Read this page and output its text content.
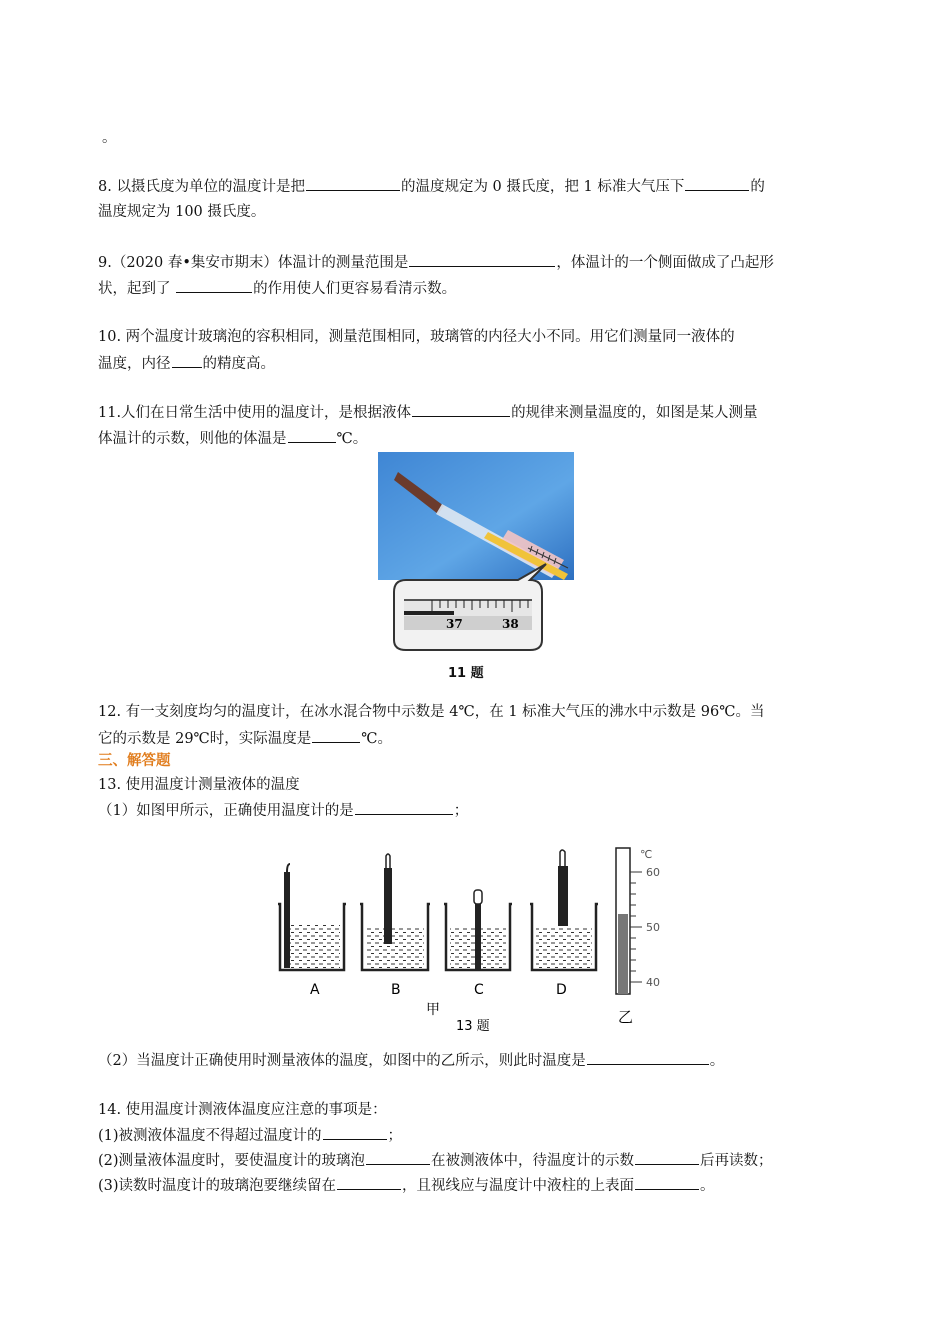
。
8. 以摄氏度为单位的温度计是把	的温度规定为 0 摄氏度，把 1 标准大气压下	的
温度规定为 100 摄氏度。
9.（2020 春•集安市期末）体温计的测量范围是	，体温计的一个侧面做成了凸起形
状，起到了	的作用使人们更容易看清示数。
10. 两个温度计玻璃泡的容积相同，测量范围相同，玻璃管的内径大小不同。用它们测量同一液体的
温度，内径 的精度高。
11.人们在日常生活中使用的温度计，是根据液体	的规律来测量温度的，如图是某人测量
体温计的示数，则他的体温是	℃。
37	38
11 题
12. 有一支刻度均匀的温度计，在冰水混合物中示数是 4℃，在 1 标准大气压的沸水中示数是 96℃。当
它的示数是 29℃时，实际温度是	℃。
三、解答题
13. 使用温度计测量液体的温度
（1）如图甲所示，正确使用温度计的是	；
A	B	C	D
甲
℃
60
50
40
乙
13 题
（2）当温度计正确使用时测量液体的温度，如图中的乙所示，则此时温度是	。
14. 使用温度计测液体温度应注意的事项是：
(1)被测液体温度不得超过温度计的	；
(2)测量液体温度时，要使温度计的玻璃泡	在被测液体中，待温度计的示数	后再读数；
(3)读数时温度计的玻璃泡要继续留在	，且视线应与温度计中液柱的上表面	。
